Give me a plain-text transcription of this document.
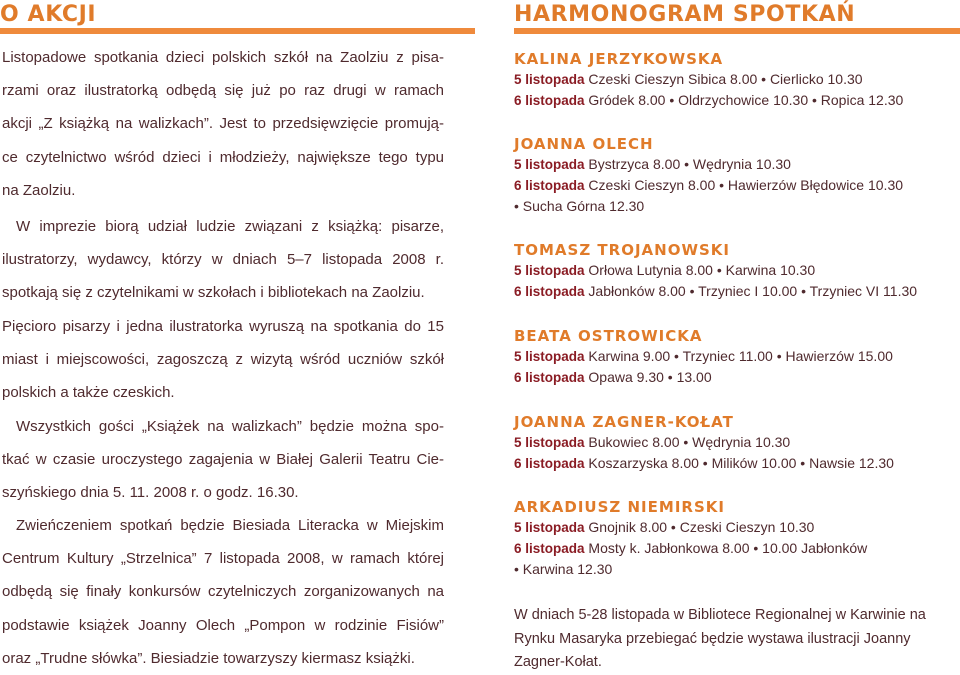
O AKCJI

Listopadowe spotkania dzieci polskich szkół na Zaolziu z pisa-
rzami oraz ilustratorką odbędą się już po raz drugi w ramach
akcji „Z książką na walizkach”. Jest to przedsięwzięcie promują-
ce czytelnictwo wśród dzieci i młodzieży, największe tego typu
na Zaolziu.

W imprezie biorą udział ludzie związani z książką: pisarze,
ilustratorzy, wydawcy, którzy w dniach 5–7 listopada 2008 r.
spotkają się z czytelnikami w szkołach i bibliotekach na Zaolziu.

Pięcioro pisarzy i jedna ilustratorka wyruszą na spotkania do 15
miast i miejscowości, zagoszczą z wizytą wśród uczniów szkół
polskich a także czeskich.

Wszystkich gości „Książek na walizkach” będzie można spo-
tkać w czasie uroczystego zagajenia w Białej Galerii Teatru Cie-
szyńskiego dnia 5. 11. 2008 r. o godz. 16.30.

Zwieńczeniem spotkań będzie Biesiada Literacka w Miejskim
Centrum Kultury „Strzelnica” 7 listopada 2008, w ramach której
odbędą się finały konkursów czytelniczych zorganizowanych na
podstawie książek Joanny Olech „Pompon w rodzinie Fisiów”
oraz „Trudne słówka”. Biesiadzie towarzyszy kiermasz książki.

HARMONOGRAM SPOTKAŃ
KALINA JERZYKOWSKA
5 listopada Czeski Cieszyn Sibica 8.00 • Cierlicko 10.30
6 listopada Gródek 8.00 • Oldrzychowice 10.30 • Ropica 12.30
JOANNA OLECH
5 listopada Bystrzyca 8.00 • Wędrynia 10.30
6 listopada Czeski Cieszyn 8.00 • Hawierzów Błędowice 10.30
• Sucha Górna 12.30
TOMASZ TROJANOWSKI
5 listopada Orłowa Lutynia 8.00 • Karwina 10.30
6 listopada Jabłonków 8.00 • Trzyniec I 10.00 • Trzyniec VI 11.30
BEATA OSTROWICKA
5 listopada Karwina 9.00 • Trzyniec 11.00 • Hawierzów 15.00
6 listopada Opawa 9.30 • 13.00
JOANNA ZAGNER-KOŁAT
5 listopada Bukowiec 8.00 • Wędrynia 10.30
6 listopada Koszarzyska 8.00 • Milików 10.00 • Nawsie 12.30
ARKADIUSZ NIEMIRSKI
5 listopada Gnojnik 8.00 • Czeski Cieszyn 10.30
6 listopada Mosty k. Jabłonkowa 8.00 • 10.00 Jabłonków
• Karwina 12.30

W dniach 5-28 listopada w Bibliotece Regionalnej w Karwinie na Rynku Masaryka przebiegać będzie wystawa ilustracji Joanny Zagner-Kołat.
